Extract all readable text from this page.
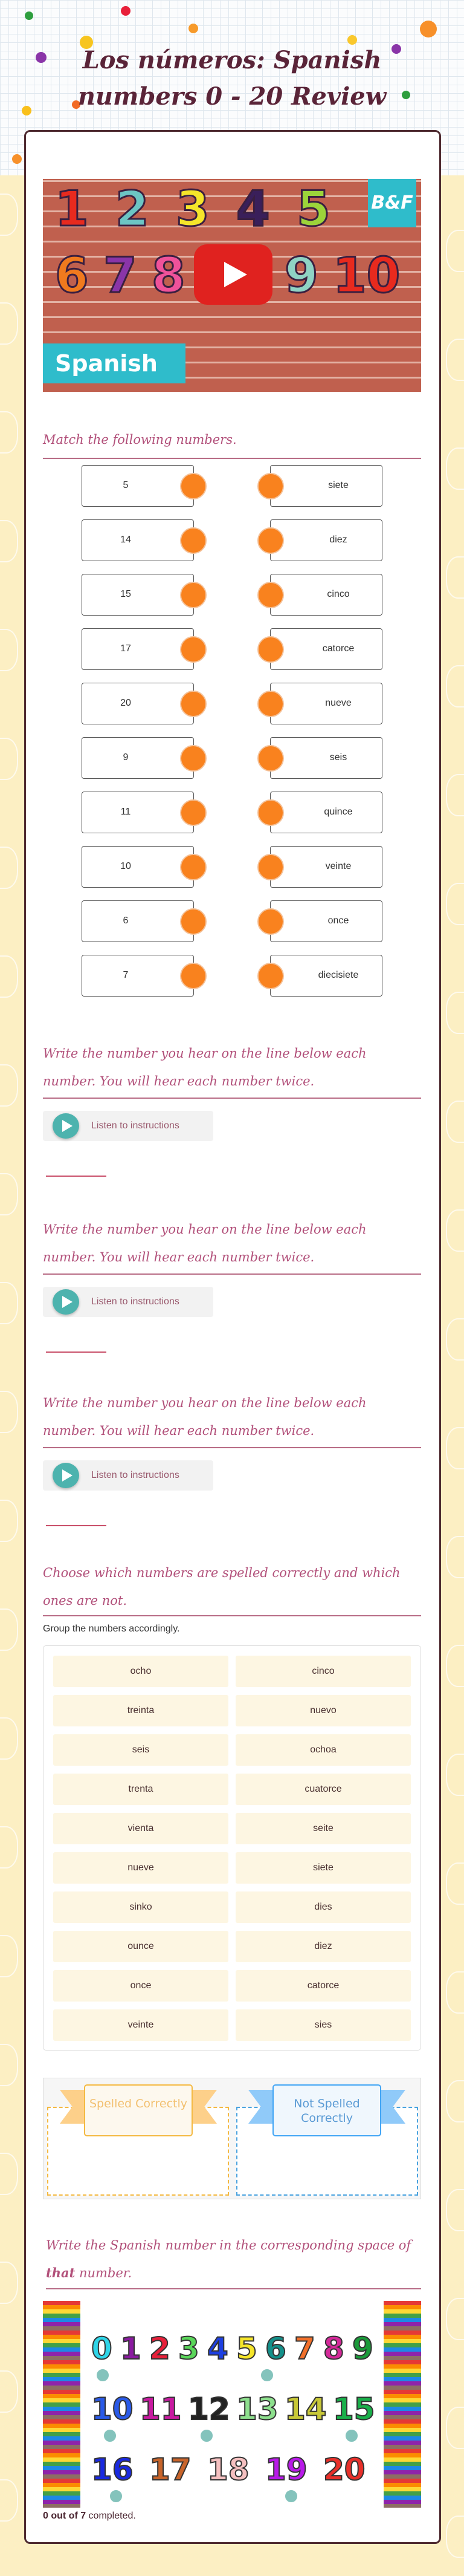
Los números: Spanish numbers 0 - 20 Review
Spanish
B&F
1 2 3 4 5
6 7 8 9 10
Match the following numbers.
5	siete
14	diez
15	cinco
17	catorce
20	nueve
9	seis
11	quince
10	veinte
6	once
7	diecisiete
Write the number you hear on the line below each number. You will hear each number twice.
Listen to instructions
Write the number you hear on the line below each number. You will hear each number twice.
Listen to instructions
Write the number you hear on the line below each number. You will hear each number twice.
Listen to instructions
Choose which numbers are spelled correctly and which ones are not.
Group the numbers accordingly.
ocho	cinco
treinta	nuevo
seis	ochoa
trenta	cuatorce
vienta	seite
nueve	siete
sinko	dies
ounce	diez
once	catorce
veinte	sies
Spelled Correctly	Not Spelled Correctly
Write the Spanish number in the corresponding space of that number.
0 1 2 3 4 5 6 7 8 9
10 11 12 13 14 15
16 17 18 19 20
0 out of 7 completed.
